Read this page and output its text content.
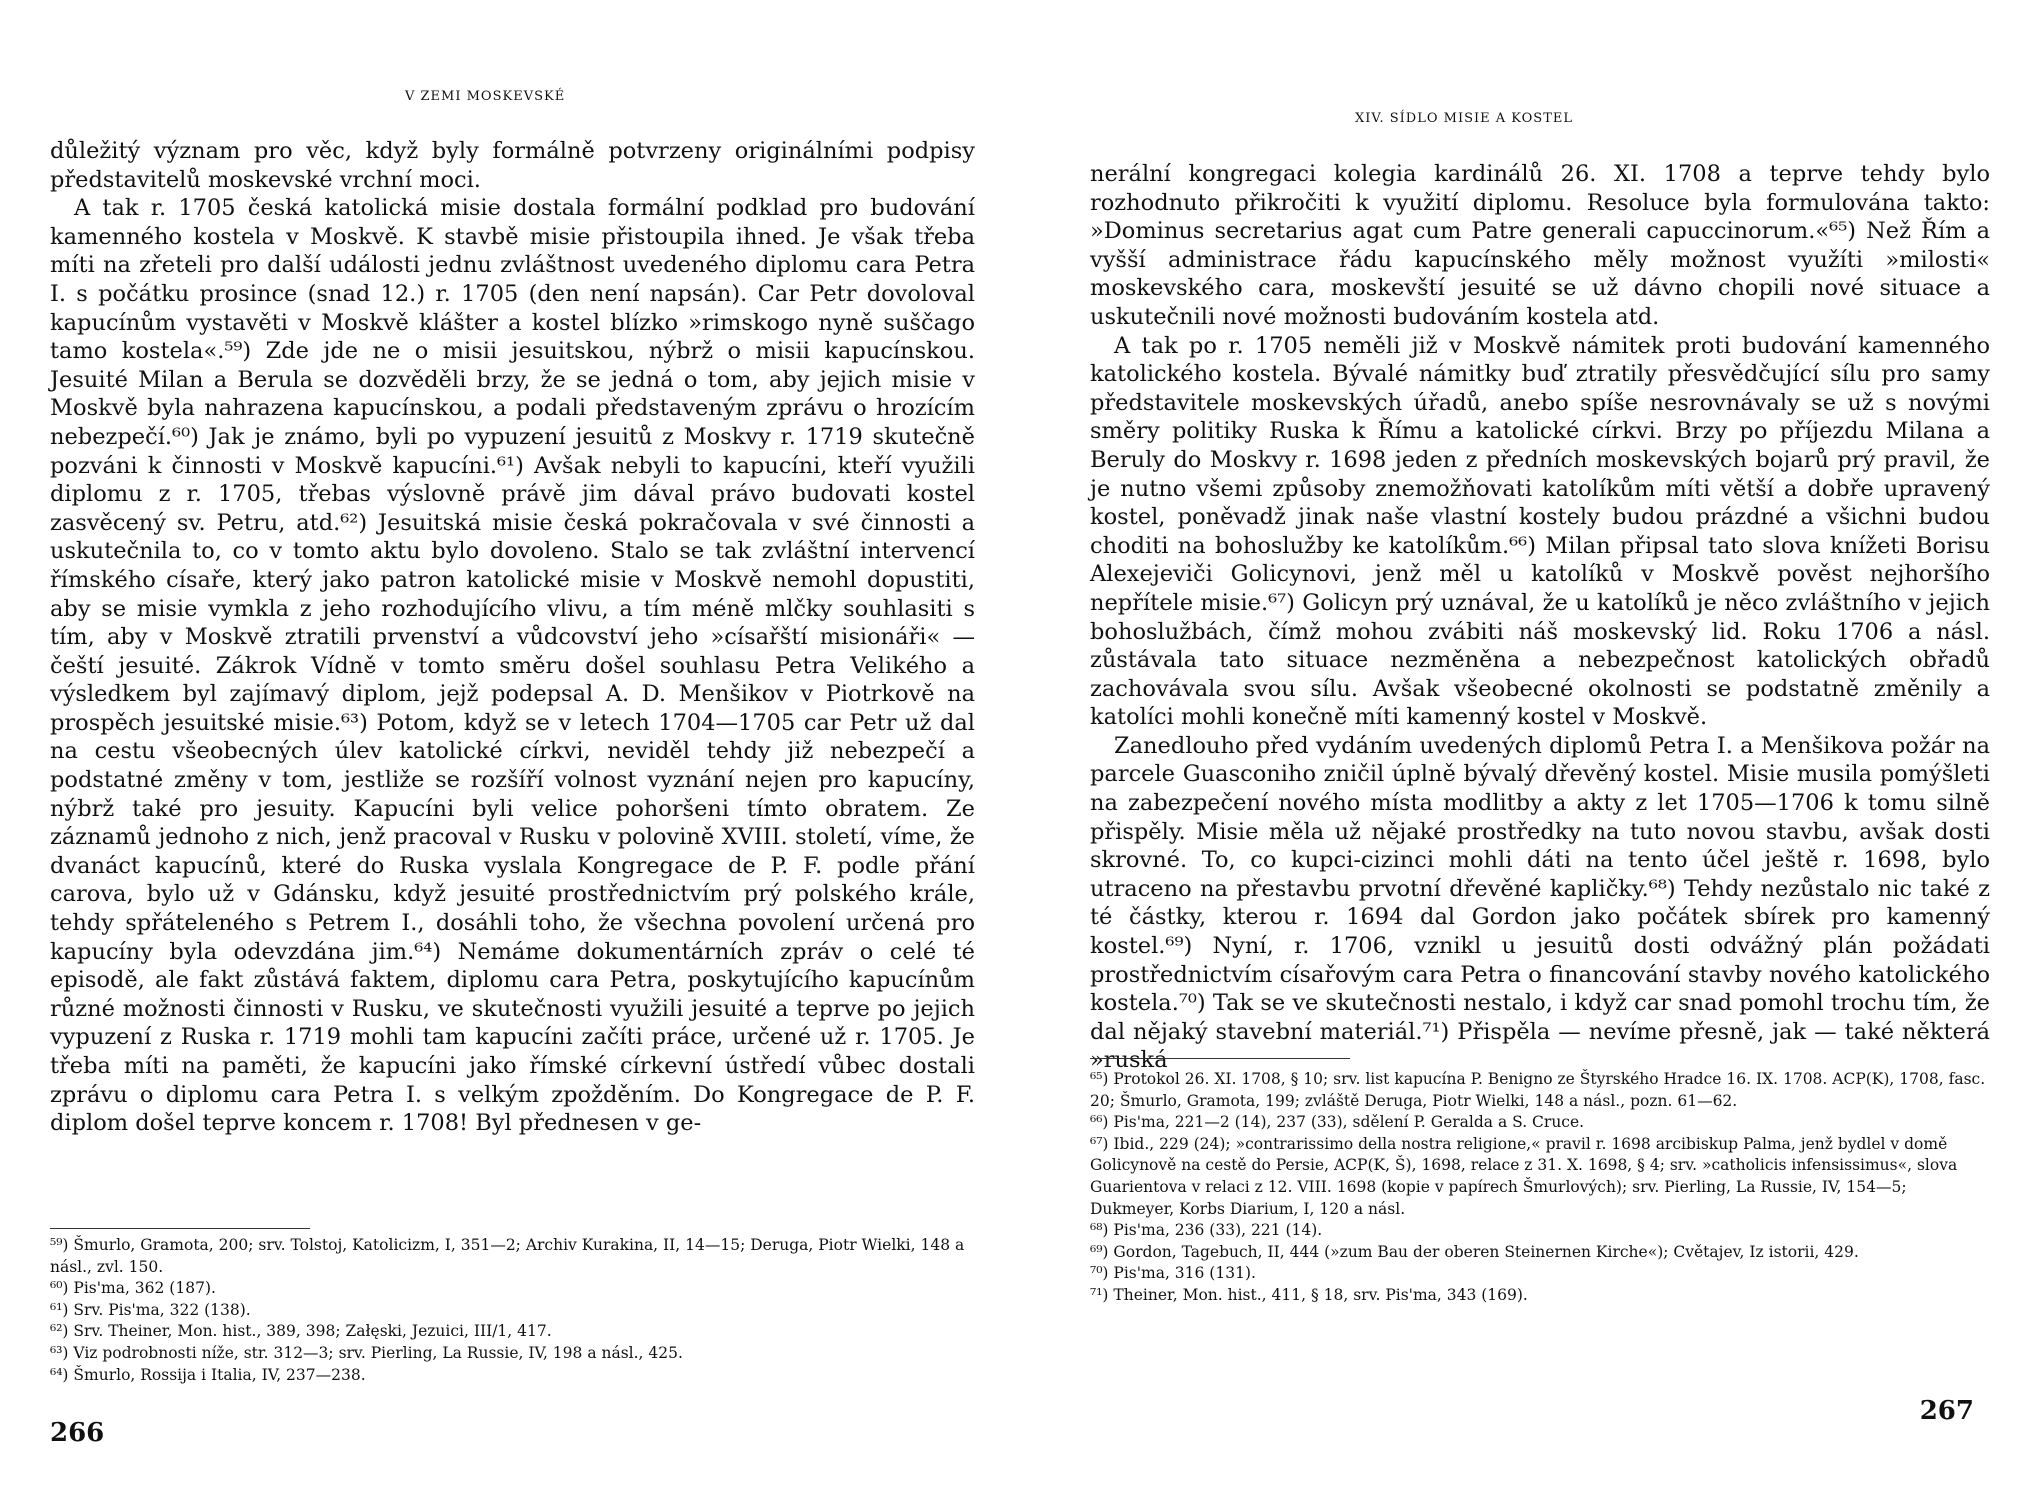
V ZEMI MOSKEVSKÉ

důležitý význam pro věc, když byly formálně potvrzeny originálními podpisy představitelů moskevské vrchní moci.

A tak r. 1705 česká katolická misie dostala formální podklad pro budování kamenného kostela v Moskvě. K stavbě misie přistoupila ihned. Je však třeba míti na zřeteli pro další události jednu zvláštnost uvedeného diplomu cara Petra I. s počátku prosince (snad 12.) r. 1705 (den není napsán). Car Petr dovoloval kapucínům vystavěti v Moskvě klášter a kostel blízko »rimskogo nyně suščago tamo kostela«.⁵⁹) Zde jde ne o misii jesuitskou, nýbrž o misii kapucínskou. Jesuité Milan a Berula se dozvěděli brzy, že se jedná o tom, aby jejich misie v Moskvě byla nahrazena kapucínskou, a podali představeným zprávu o hrozícím nebezpečí.⁶⁰) Jak je známo, byli po vypuzení jesuitů z Moskvy r. 1719 skutečně pozváni k činnosti v Moskvě kapucíni.⁶¹) Avšak nebyli to kapucíni, kteří využili diplomu z r. 1705, třebas výslovně právě jim dával právo budovati kostel zasvěcený sv. Petru, atd.⁶²) Jesuitská misie česká pokračovala v své činnosti a uskutečnila to, co v tomto aktu bylo dovoleno. Stalo se tak zvláštní intervencí římského císaře, který jako patron katolické misie v Moskvě nemohl dopustiti, aby se misie vymkla z jeho rozhodujícího vlivu, a tím méně mlčky souhlasiti s tím, aby v Moskvě ztratili prvenství a vůdcovství jeho »císařští misionáři« — čeští jesuité. Zákrok Vídně v tomto směru došel souhlasu Petra Velikého a výsledkem byl zajímavý diplom, jejž podepsal A. D. Menšikov v Piotrkově na prospěch jesuitské misie.⁶³) Potom, když se v letech 1704—1705 car Petr už dal na cestu všeobecných úlev katolické církvi, neviděl tehdy již nebezpečí a podstatné změny v tom, jestliže se rozšíří volnost vyznání nejen pro kapucíny, nýbrž také pro jesuity. Kapucíni byli velice pohoršeni tímto obratem. Ze záznamů jednoho z nich, jenž pracoval v Rusku v polovině XVIII. století, víme, že dvanáct kapucínů, které do Ruska vyslala Kongregace de P. F. podle přání carova, bylo už v Gdánsku, když jesuité prostřednictvím prý polského krále, tehdy spřáteleného s Petrem I., dosáhli toho, že všechna povolení určená pro kapucíny byla odevzdána jim.⁶⁴) Nemáme dokumentárních zpráv o celé té episodě, ale fakt zůstává faktem, diplomu cara Petra, poskytujícího kapucínům různé možnosti činnosti v Rusku, ve skutečnosti využili jesuité a teprve po jejich vypuzení z Ruska r. 1719 mohli tam kapucíni začíti práce, určené už r. 1705. Je třeba míti na paměti, že kapucíni jako římské církevní ústředí vůbec dostali zprávu o diplomu cara Petra I. s velkým zpožděním. Do Kongregace de P. F. diplom došel teprve koncem r. 1708! Byl přednesen v ge-

⁵⁹) Šmurlo, Gramota, 200; srv. Tolstoj, Katolicizm, I, 351—2; Archiv Kurakina, II, 14—15; Deruga, Piotr Wielki, 148 a násl., zvl. 150.

⁶⁰) Pis'ma, 362 (187).

⁶¹) Srv. Pis'ma, 322 (138).

⁶²) Srv. Theiner, Mon. hist., 389, 398; Załęski, Jezuici, III/1, 417.

⁶³) Viz podrobnosti níže, str. 312—3; srv. Pierling, La Russie, IV, 198 a násl., 425.

⁶⁴) Šmurlo, Rossija i Italia, IV, 237—238.

266
XIV. SÍDLO MISIE A KOSTEL

nerální kongregaci kolegia kardinálů 26. XI. 1708 a teprve tehdy bylo rozhodnuto přikročiti k využití diplomu. Resoluce byla formulována takto: »Dominus secretarius agat cum Patre generali capuccinorum.«⁶⁵) Než Řím a vyšší administrace řádu kapucínského měly možnost využíti »milosti« moskevského cara, moskevští jesuité se už dávno chopili nové situace a uskutečnili nové možnosti budováním kostela atd.

A tak po r. 1705 neměli již v Moskvě námitek proti budování kamenného katolického kostela. Bývalé námitky buď ztratily přesvědčující sílu pro samy představitele moskevských úřadů, anebo spíše nesrovnávaly se už s novými směry politiky Ruska k Římu a katolické církvi. Brzy po příjezdu Milana a Beruly do Moskvy r. 1698 jeden z předních moskevských bojarů prý pravil, že je nutno všemi způsoby znemožňovati katolíkům míti větší a dobře upravený kostel, poněvadž jinak naše vlastní kostely budou prázdné a všichni budou choditi na bohoslužby ke katolíkům.⁶⁶) Milan připsal tato slova knížeti Borisu Alexejeviči Golicynovi, jenž měl u katolíků v Moskvě pověst nejhoršího nepřítele misie.⁶⁷) Golicyn prý uznával, že u katolíků je něco zvláštního v jejich bohoslužbách, čímž mohou zvábiti náš moskevský lid. Roku 1706 a násl. zůstávala tato situace nezměněna a nebezpečnost katolických obřadů zachovávala svou sílu. Avšak všeobecné okolnosti se podstatně změnily a katolíci mohli konečně míti kamenný kostel v Moskvě.

Zanedlouho před vydáním uvedených diplomů Petra I. a Menšikova požár na parcele Guasconiho zničil úplně bývalý dřevěný kostel. Misie musila pomýšleti na zabezpečení nového místa modlitby a akty z let 1705—1706 k tomu silně přispěly. Misie měla už nějaké prostředky na tuto novou stavbu, avšak dosti skrovné. To, co kupci-cizinci mohli dáti na tento účel ještě r. 1698, bylo utraceno na přestavbu prvotní dřevěné kapličky.⁶⁸) Tehdy nezůstalo nic také z té částky, kterou r. 1694 dal Gordon jako počátek sbírek pro kamenný kostel.⁶⁹) Nyní, r. 1706, vznikl u jesuitů dosti odvážný plán požádati prostřednictvím císařovým cara Petra o financování stavby nového katolického kostela.⁷⁰) Tak se ve skutečnosti nestalo, i když car snad pomohl trochu tím, že dal nějaký stavební materiál.⁷¹) Přispěla — nevíme přesně, jak — také některá »ruská

⁶⁵) Protokol 26. XI. 1708, § 10; srv. list kapucína P. Benigno ze Štyrského Hradce 16. IX. 1708. ACP(K), 1708, fasc. 20; Šmurlo, Gramota, 199; zvláště Deruga, Piotr Wielki, 148 a násl., pozn. 61—62.

⁶⁶) Pis'ma, 221—2 (14), 237 (33), sdělení P. Geralda a S. Cruce.

⁶⁷) Ibid., 229 (24); »contrarissimo della nostra religione,« pravil r. 1698 arcibiskup Palma, jenž bydlel v domě Golicynově na cestě do Persie, ACP(K, Š), 1698, relace z 31. X. 1698, § 4; srv. »catholicis infensissimus«, slova Guarientova v relaci z 12. VIII. 1698 (kopie v papírech Šmurlových); srv. Pierling, La Russie, IV, 154—5; Dukmeyer, Korbs Diarium, I, 120 a násl.

⁶⁸) Pis'ma, 236 (33), 221 (14).

⁶⁹) Gordon, Tagebuch, II, 444 (»zum Bau der oberen Steinernen Kirche«); Cvětajev, Iz istorii, 429.

⁷⁰) Pis'ma, 316 (131).

⁷¹) Theiner, Mon. hist., 411, § 18, srv. Pis'ma, 343 (169).

267
